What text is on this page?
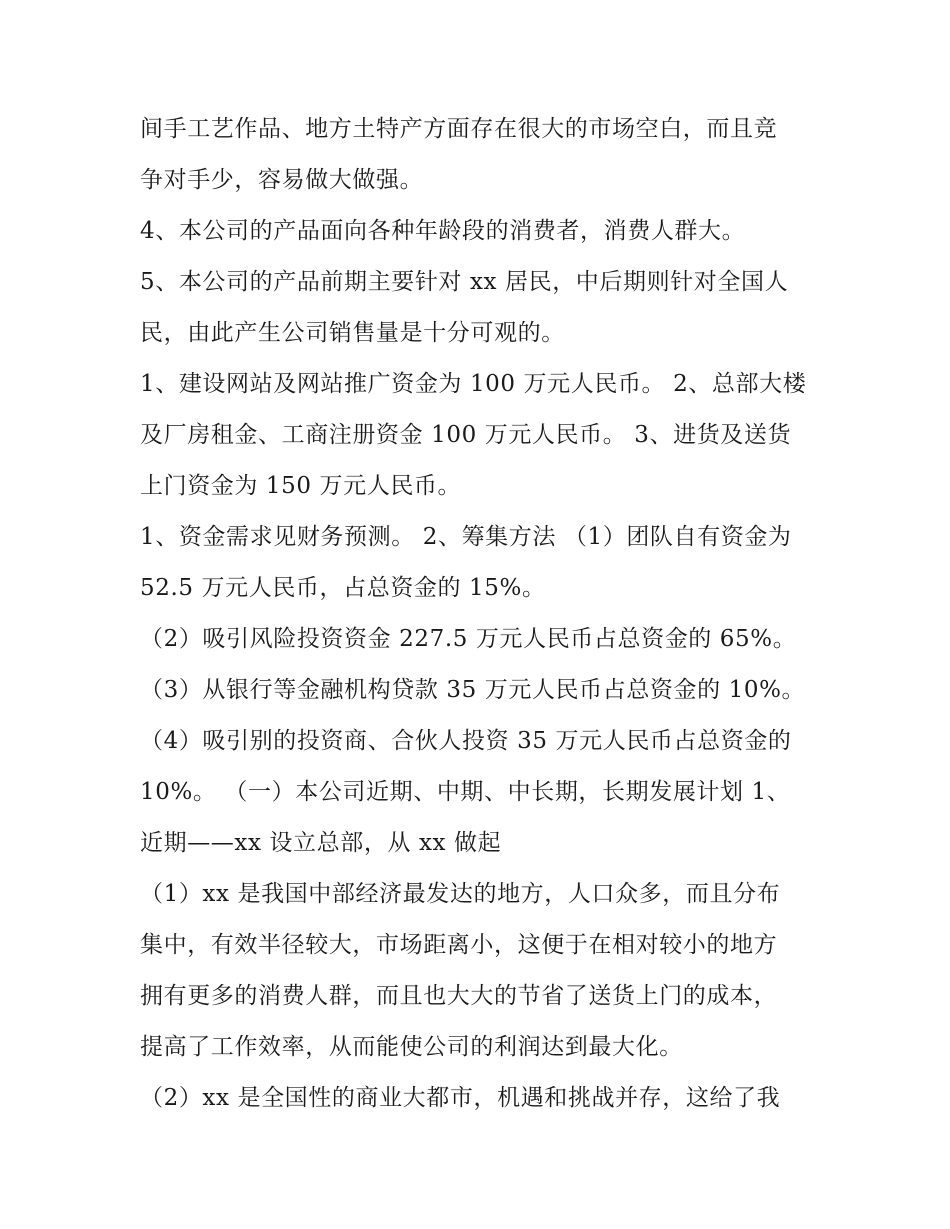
间手工艺作品、地方土特产方面存在很大的市场空白，而且竞
争对手少，容易做大做强。
4、本公司的产品面向各种年龄段的消费者，消费人群大。
5、本公司的产品前期主要针对 xx 居民，中后期则针对全国人
民，由此产生公司销售量是十分可观的。
1、建设网站及网站推广资金为 100 万元人民币。 2、总部大楼
及厂房租金、工商注册资金 100 万元人民币。 3、进货及送货
上门资金为 150 万元人民币。
1、资金需求见财务预测。 2、筹集方法 （1）团队自有资金为
52.5 万元人民币，占总资金的 15%。
（2）吸引风险投资资金 227.5 万元人民币占总资金的 65%。
（3）从银行等金融机构贷款 35 万元人民币占总资金的 10%。
（4）吸引别的投资商、合伙人投资 35 万元人民币占总资金的
10%。 （一）本公司近期、中期、中长期，长期发展计划 1、
近期——xx 设立总部，从 xx 做起
（1）xx 是我国中部经济最发达的地方，人口众多，而且分布
集中，有效半径较大，市场距离小，这便于在相对较小的地方
拥有更多的消费人群，而且也大大的节省了送货上门的成本，
提高了工作效率，从而能使公司的利润达到最大化。
（2）xx 是全国性的商业大都市，机遇和挑战并存，这给了我
